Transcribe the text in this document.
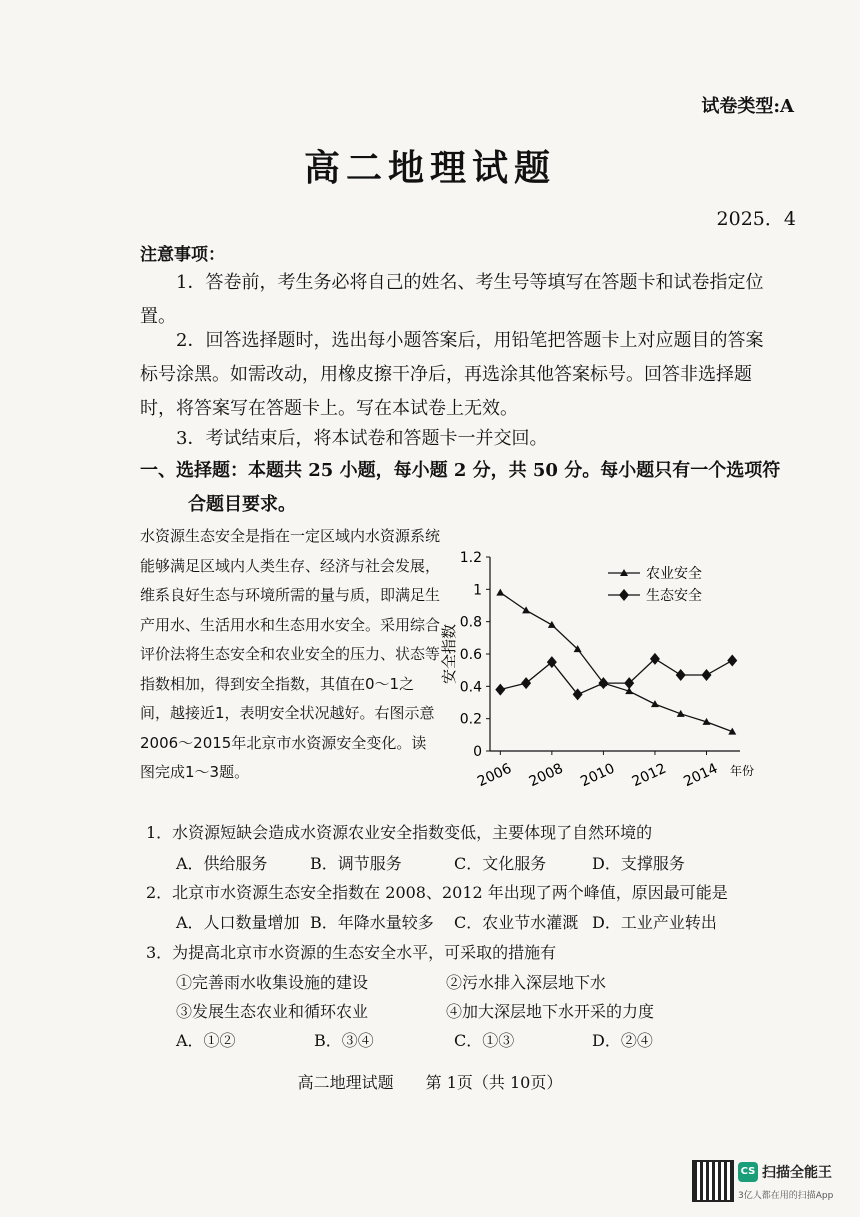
试卷类型:A
高二地理试题
2025．4
注意事项：

1．答卷前，考生务必将自己的姓名、考生号等填写在答题卡和试卷指定位置。

2．回答选择题时，选出每小题答案后，用铅笔把答题卡上对应题目的答案标号涂黑。如需改动，用橡皮擦干净后，再选涂其他答案标号。回答非选择题时，将答案写在答题卡上。写在本试卷上无效。

3．考试结束后，将本试卷和答题卡一并交回。

一、选择题：本题共 25 小题，每小题 2 分，共 50 分。每小题只有一个选项符
合题目要求。

水资源生态安全是指在一定区域内水资源系统能够满足区域内人类生存、经济与社会发展，维系良好生态与环境所需的量与质，即满足生产用水、生活用水和生态用水安全。采用综合评价法将生态安全和农业安全的压力、状态等指数相加，得到安全指数，其值在0～1之间，越接近1，表明安全状况越好。右图示意2006～2015年北京市水资源安全变化。读图完成1～3题。

0
0.2
0.4
0.6
0.8
1
1.2
2006 2008 2010 2012 2014 年份
安全指数
农业安全
生态安全
1．水资源短缺会造成水资源农业安全指数变低，主要体现了自然环境的
A．供给服务	B．调节服务	C．文化服务	D．支撑服务
2．北京市水资源生态安全指数在 2008、2012 年出现了两个峰值，原因最可能是
A．人口数量增加 B．年降水量较多 C．农业节水灌溉 D．工业产业转出
3．为提高北京市水资源的生态安全水平，可采取的措施有
①完善雨水收集设施的建设	②污水排入深层地下水
③发展生态农业和循环农业	④加大深层地下水开采的力度
A．①②	B．③④	C．①③	D．②④
高二地理试题　　第 1页（共 10页）
CS 扫描全能王
3亿人都在用的扫描App
